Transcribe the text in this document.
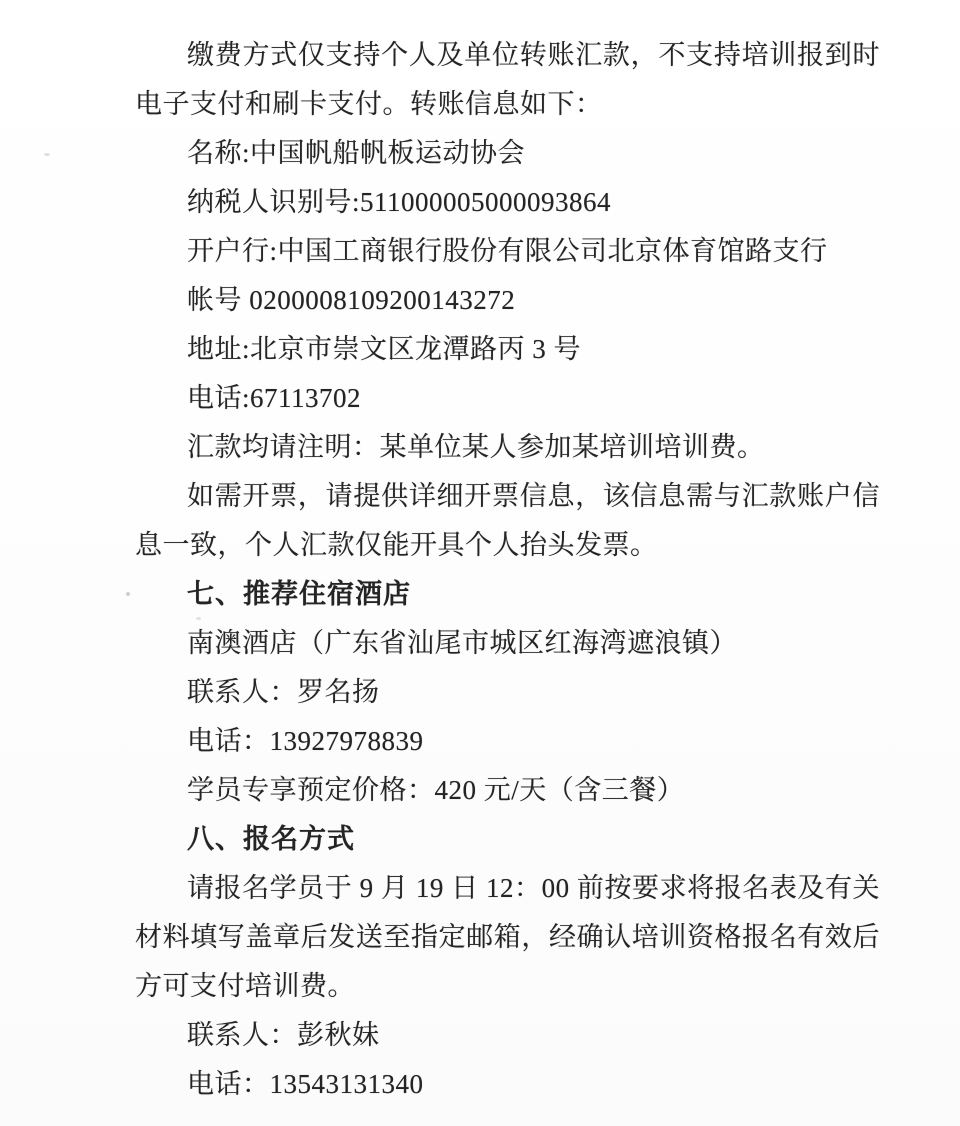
缴费方式仅支持个人及单位转账汇款，不支持培训报到时
电子支付和刷卡支付。转账信息如下：
名称:中国帆船帆板运动协会
纳税人识别号:511000005000093864
开户行:中国工商银行股份有限公司北京体育馆路支行
帐号 0200008109200143272
地址:北京市崇文区龙潭路丙 3 号
电话:67113702
汇款均请注明：某单位某人参加某培训培训费。
如需开票，请提供详细开票信息，该信息需与汇款账户信
息一致，个人汇款仅能开具个人抬头发票。
七、推荐住宿酒店
南澳酒店（广东省汕尾市城区红海湾遮浪镇）
联系人：罗名扬
电话：13927978839
学员专享预定价格：420 元/天（含三餐）
八、报名方式
请报名学员于 9 月 19 日 12：00 前按要求将报名表及有关
材料填写盖章后发送至指定邮箱，经确认培训资格报名有效后
方可支付培训费。
联系人：彭秋妹
电话：13543131340
